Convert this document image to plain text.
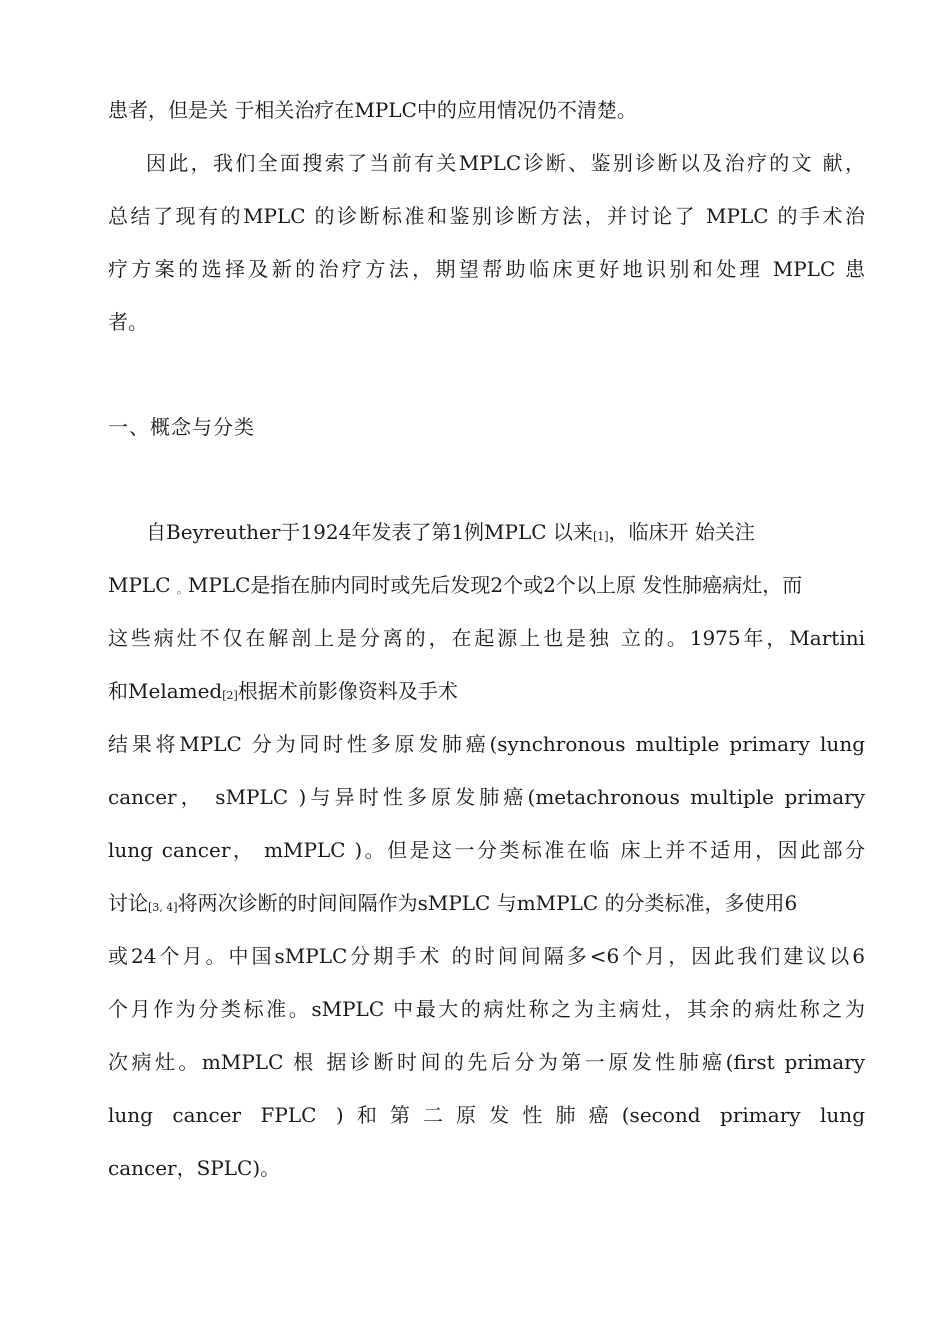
患者，但是关 于相关治疗在MPLC中的应用情况仍不清楚。
因此，我们全面搜索了当前有关MPLC诊断、鉴别诊断以及治疗的文 献，
总结了现有的MPLC 的诊断标准和鉴别诊断方法，并讨论了 MPLC 的手术治
疗方案的选择及新的治疗方法，期望帮助临床更好地识别和处理 MPLC 患
者。
一、概念与分类
自Beyreuther于1924年发表了第1例MPLC 以来[1]，临床开 始关注
MPLC 。MPLC是指在肺内同时或先后发现2个或2个以上原 发性肺癌病灶，而
这些病灶不仅在解剖上是分离的，在起源上也是独 立的。1975年，Martini
和Melamed[2]根据术前影像资料及手术
结果将MPLC 分为同时性多原发肺癌(synchronous multiple primary lung
cancer， sMPLC )与异时性多原发肺癌(metachronous multiple primary
lung cancer， mMPLC )。但是这一分类标准在临 床上并不适用，因此部分
讨论[3, 4]将两次诊断的时间间隔作为sMPLC 与mMPLC 的分类标准，多使用6
或24个月。中国sMPLC分期手术 的时间间隔多<6个月，因此我们建议以6
个月作为分类标准。sMPLC 中最大的病灶称之为主病灶，其余的病灶称之为
次病灶。mMPLC 根 据诊断时间的先后分为第一原发性肺癌(first primary
lung cancer FPLC )和第二原发性肺癌(second primary lung
cancer，SPLC)。
